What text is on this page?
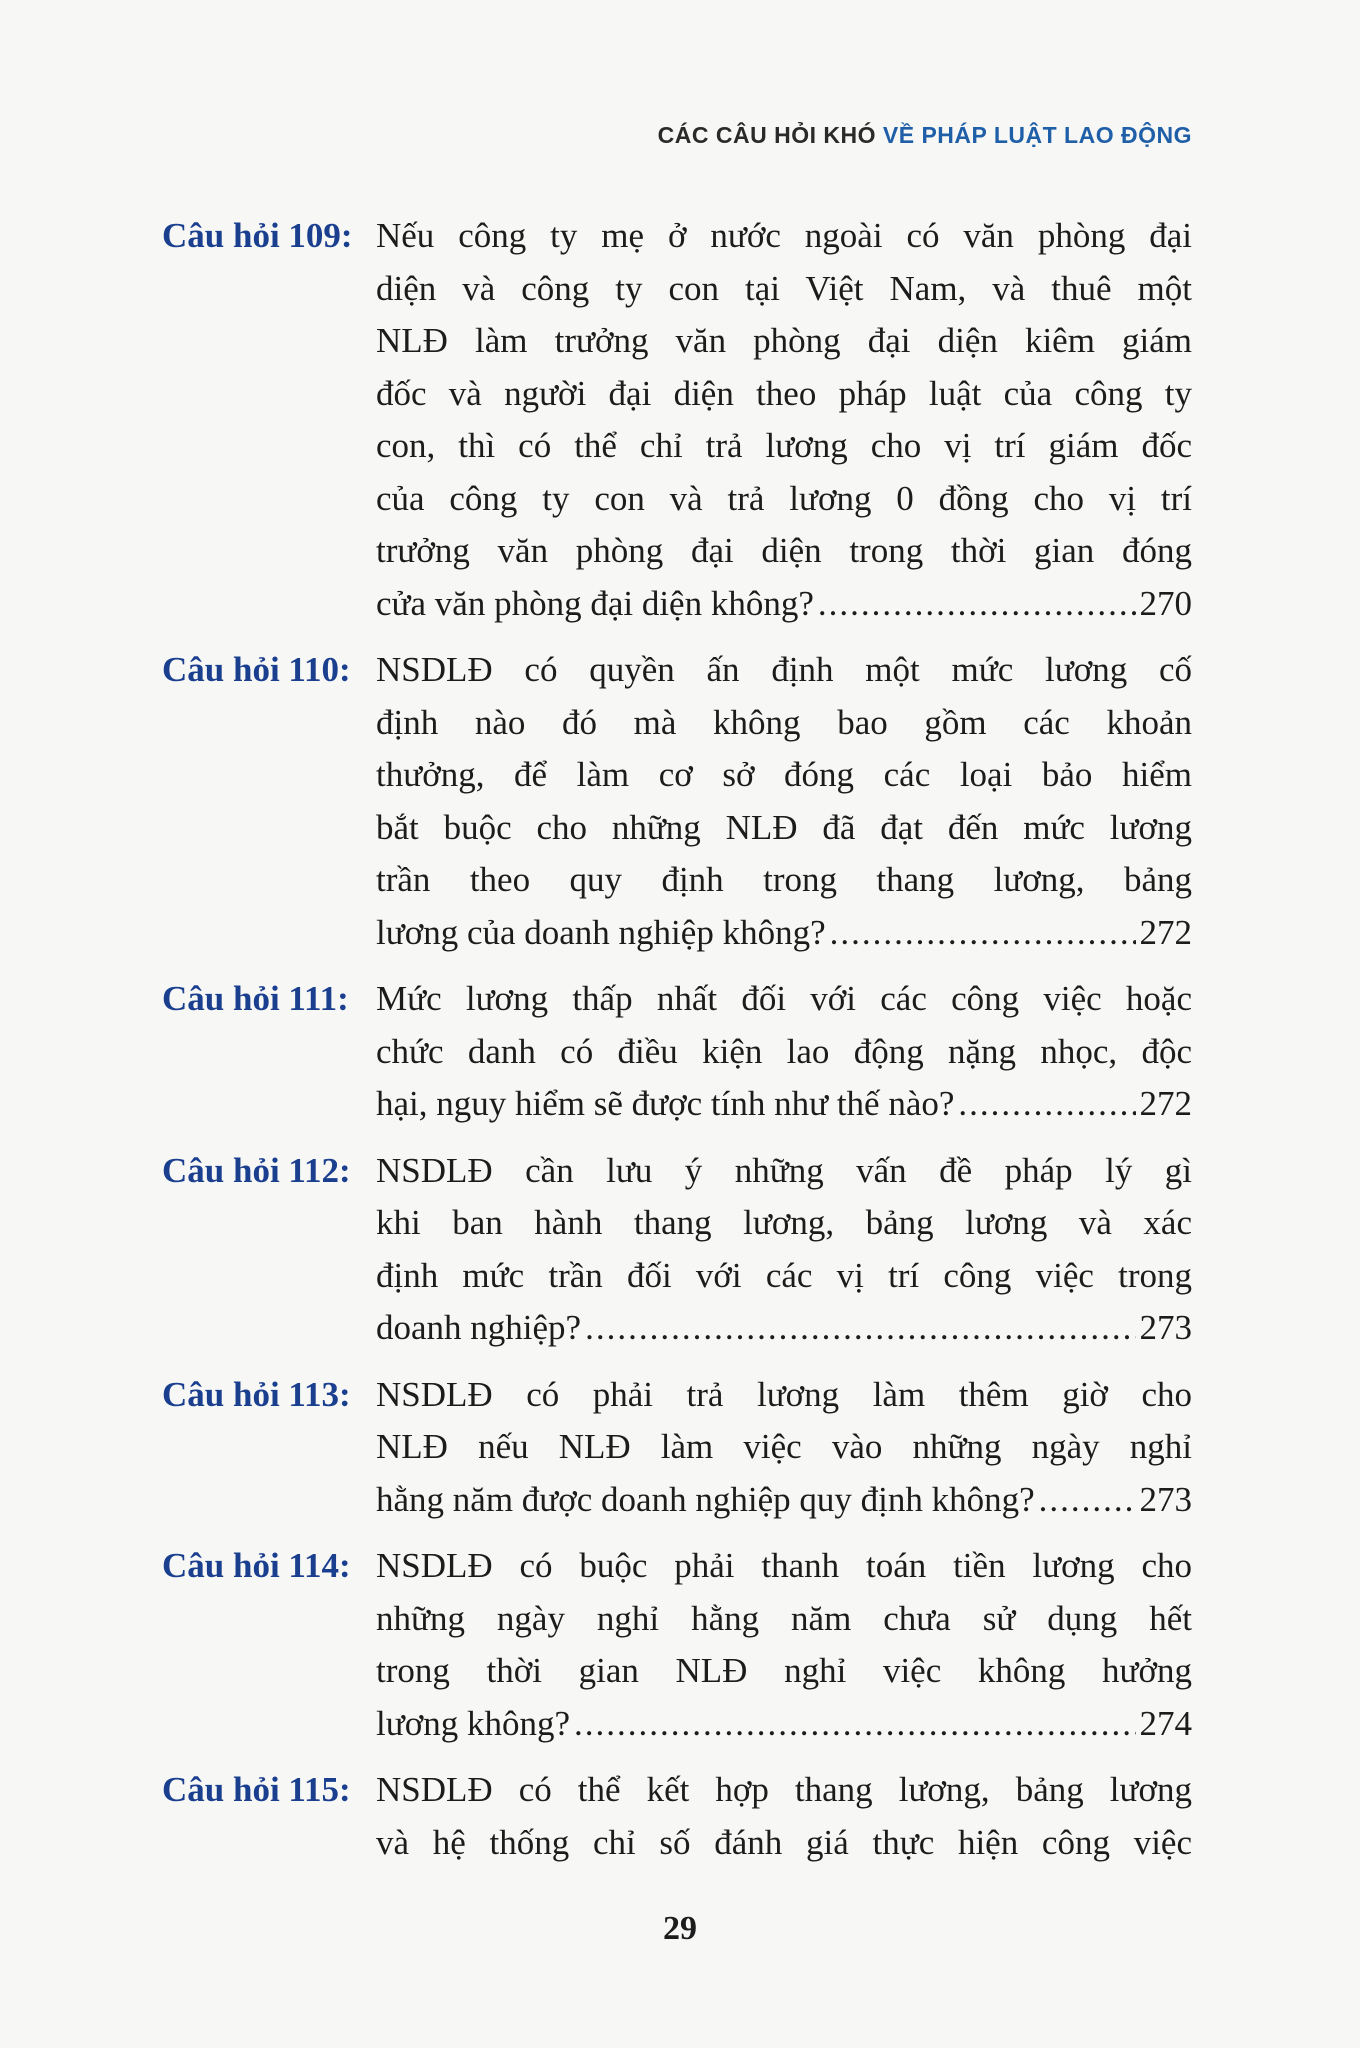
CÁC CÂU HỎI KHÓ VỀ PHÁP LUẬT LAO ĐỘNG
Câu hỏi 109: Nếu công ty mẹ ở nước ngoài có văn phòng đại
diện và công ty con tại Việt Nam, và thuê một
NLĐ làm trưởng văn phòng đại diện kiêm giám
đốc và người đại diện theo pháp luật của công ty
con, thì có thể chỉ trả lương cho vị trí giám đốc
của công ty con và trả lương 0 đồng cho vị trí
trưởng văn phòng đại diện trong thời gian đóng
cửa văn phòng đại diện không? .....	270
Câu hỏi 110: NSDLĐ có quyền ấn định một mức lương cố
định nào đó mà không bao gồm các khoản
thưởng, để làm cơ sở đóng các loại bảo hiểm
bắt buộc cho những NLĐ đã đạt đến mức lương
trần theo quy định trong thang lương, bảng
lương của doanh nghiệp không? .....	272
Câu hỏi 111: Mức lương thấp nhất đối với các công việc hoặc
chức danh có điều kiện lao động nặng nhọc, độc
hại, nguy hiểm sẽ được tính như thế nào? .....	272
Câu hỏi 112: NSDLĐ cần lưu ý những vấn đề pháp lý gì
khi ban hành thang lương, bảng lương và xác
định mức trần đối với các vị trí công việc trong
doanh nghiệp? .....	273
Câu hỏi 113: NSDLĐ có phải trả lương làm thêm giờ cho
NLĐ nếu NLĐ làm việc vào những ngày nghỉ
hằng năm được doanh nghiệp quy định không? .....	273
Câu hỏi 114: NSDLĐ có buộc phải thanh toán tiền lương cho
những ngày nghỉ hằng năm chưa sử dụng hết
trong thời gian NLĐ nghỉ việc không hưởng
lương không? .....	274
Câu hỏi 115: NSDLĐ có thể kết hợp thang lương, bảng lương
và hệ thống chỉ số đánh giá thực hiện công việc
29
